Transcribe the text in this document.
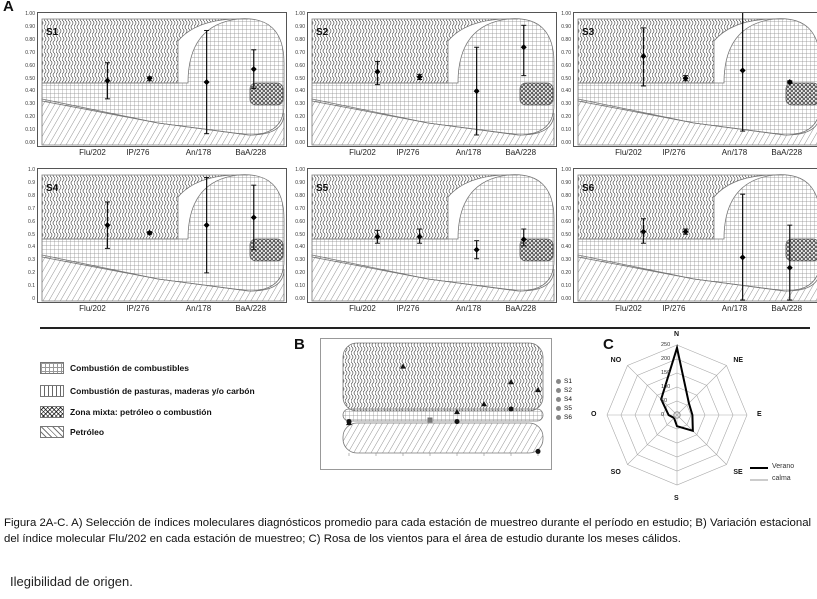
A
B	C
1.00
0.90
0.80
0.70
0.60
0.50
0.40
0.30
0.20
0.10
0.00
S1
Flu/202	IP/276	An/178	BaA/228
1.00
0.90
0.80
0.70
0.60
0.50
0.40
0.30
0.20
0.10
0.00
S2
Flu/202	IP/276	An/178	BaA/228
1.00
0.90
0.80
0.70
0.60
0.50
0.40
0.30
0.20
0.10
0.00
S3
Flu/202	IP/276	An/178	BaA/228
1.0
0.9
0.8
0.7
0.6
0.5
0.4
0.3
0.2
0.1
0
S4
Flu/202	IP/276	An/178	BaA/228
1.00
0.90
0.80
0.70
0.60
0.50
0.40
0.30
0.20
0.10
0.00
S5
Flu/202	IP/276	An/178	BaA/228
1.00
0.90
0.80
0.70
0.60
0.50
0.40
0.30
0.20
0.10
0.00
S6
Flu/202	IP/276	An/178	BaA/228
Combustión de combustibles
Combustión de pasturas, maderas y/o carbón
Zona mixta: petróleo o combustión
Petróleo
S1
S2
S4
S5
S6
N
NE
E
SE
S
SO
O
NO
250
200
150
100
50
0
Verano
calma
Figura 2A-C. A) Selección de índices moleculares diagnósticos promedio para cada estación de muestreo durante el período en estudio; B) Variación estacional del índice molecular Flu/202 en cada estación de muestreo; C) Rosa de los vientos para el área de estudio durante los meses cálidos.
Ilegibilidad de origen.
